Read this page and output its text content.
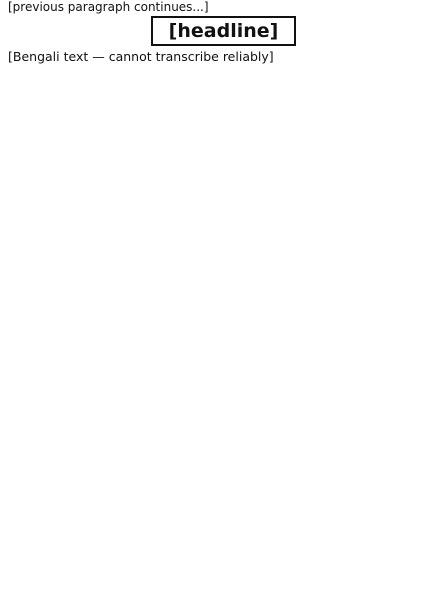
[previous paragraph continues...]

[headline]

[Bengali text — cannot transcribe reliably]
